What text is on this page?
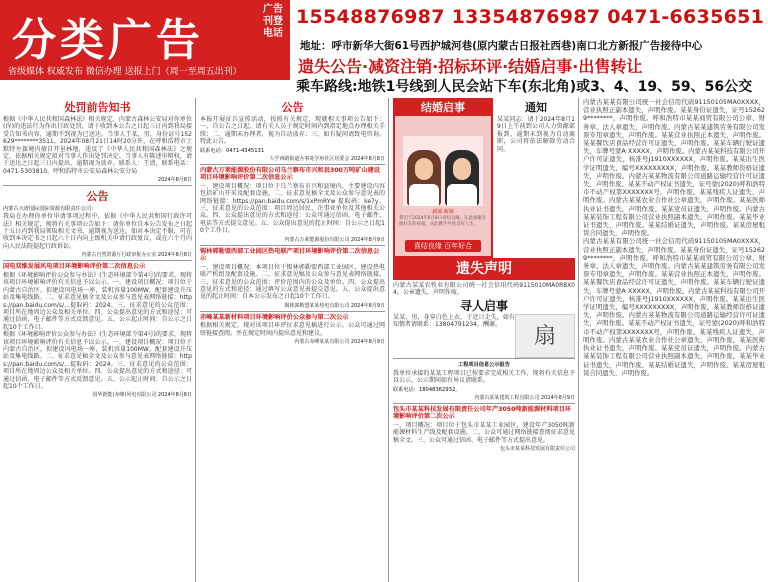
分类广告
广告刊登电话
省级媒体 权威发布 微信办理 送报上门（周一至周五出刊）
15548876987 13354876987 0471-6635651
地址：呼市新华大街61号西护城河巷(原内蒙古日报社西巷)南口北方新报广告接待中心
遗失公告·减资注销·招标环评·结婚启事·出售转让
乘车路线:地铁1号线到人民会站下车(东北角)或3、4、19、59、56公交
处罚前告知书
根据《中华人民共和国森林法》相关规定，内蒙古森林公安局对你单位(你)的违法行为作出行政处罚，请于收到本公告之日起三日内到我局接受告知书内容，逾期不到视为已送达。当事人王某，男，身份证号152629********3511，2024年08月21日14时20分许，在呼和浩特市土默特左旗境内擅自开垦林地，违反了《中华人民共和国森林法》之规定，依据相关规定拟对当事人作出处罚决定。当事人有陈述申辩权，请于送达之日起三日内提出，逾期视为放弃。联系人：王清，联系电话：0471-5303810。呼和浩特市公安局森林公安分局
2024年8月8日
公告
内蒙古大唐国际国际资源有限责任公司：
我局在办理你单位申请事项过程中，依据《中华人民共和国行政许可法》相关规定，现将有关事项公告如下：请你单位自本公告发布之日起十五日内到我局领取相关文书，逾期视为送达。如对本决定不服，可在收到本决定书之日起六十日内向上级机关申请行政复议，或在六个月内向人民法院提起行政诉讼。
内蒙古自然资源厅行政审批办公室 2024年8月8日
国电双维发展风电项目环境影响评价第二次信息公示
根据《环境影响评价公众参与办法》(生态环境部令第4号)的要求，现将该项目环境影响评价有关信息予以公示。一、建设项目概况：项目位于内蒙古自治区，拟建设风电场一座，装机容量100MW，配套建设升压站及集电线路。二、征求意见稿全文及公众参与意见表网络链接：https://pan.baidu.com/s/...提取码：2024。三、征求意见的公众范围：项目所在地周边公众及相关单位。四、公众提出意见的方式和途径：可通过信函、电子邮件等方式反馈意见。五、公示起止时间：自公示之日起10个工作日。
根据《环境影响评价公众参与办法》(生态环境部令第4号)的要求，现将该项目环境影响评价有关信息予以公示。一、建设项目概况：项目位于内蒙古自治区，拟建设风电场一座，装机容量100MW，配套建设升压站及集电线路。二、征求意见稿全文及公众参与意见表网络链接：https://pan.baidu.com/s/...提取码：2024。三、征求意见的公众范围：项目所在地周边公众及相关单位。四、公众提出意见的方式和途径：可通过信函、电子邮件等方式反馈意见。五、公示起止时间：自公示之日起10个工作日。
国华新能(赤峰)风电有限公司 2024年8月8日
公告
本报开展征兵宣传活动，按照有关规定，现就相关事项公告如下：一、自公告之日起，请有关人员于规定时间内到指定地点办理相关手续；二、逾期未办理者，视为自动放弃；三、如有疑问请致电咨询。特此公告。
联系电话：0471-4345131
大学西路街道办事处学府社区居委会 2024年8月8日
内蒙古万莱能源股份有限公司乌兰察布市兴和县300万吨矿山建设项目环境影响评价第二次信息公示
一、建设项目概况：项目位于乌兰察布市兴和县境内，主要建设内容包括矿山开采及配套设施。二、征求意见稿全文及公众参与意见表的网络链接：https://pan.baidu.com/s/1xPmRYw 提取码：ke7y。三、征求意见的公众范围：项目周边居民、企事业单位及其他相关公众。四、公众提出意见的方式和途径：公众可通过信函、电子邮件、电话等方式提交意见。五、公众提出意见的起止时间：自公示之日起10个工作日。
内蒙古万莱能源股份有限公司 2024年8月9日
锡林郭勒盟西部工业园区热电联产项目环境影响评价第二次信息公示
一、建设项目概况：本项目位于锡林郭勒盟西部工业园区，建设热电联产机组及配套设施。二、征求意见稿及公众参与意见表网络链接。三、征求意见的公众范围：评价范围内的公众及单位。四、公众提出意见的方式和途径：通过填写公众意见表提交意见。五、公众提出意见的起止时间：自本公示发布之日起10个工作日。
锡林郭勒盟某某热电有限公司 2024年8月9日
赤峰某某新材料项目环境影响评价公众参与第二次公示
根据相关规定，现对该项目环评征求意见稿进行公示，公众可通过网络链接查阅，并在规定时间内提出意见和建议。
内蒙古赤峰某某有限公司 2024年8月9日
结婚启事
新郎·新娘
我们于2024年8月8日喜结良缘，在此感谢亲朋好友的祝福，从此携手共度美好人生。
喜结良缘 百年好合
通知
某某同志：请于2024年8月19日上午前到公司人力资源部报到，逾期未到视为自动离职，公司将依法解除劳动合同。
遗失声明
内蒙古某某农牧业有限公司统一社会信用代码9115010MA0R8X04，公章遗失，声明作废。
寻人启事
扇
某某，男，身穿白色上衣，于近日走失，如有知情者请联系：13804791234，酬谢。
工程项目信息公示报告
我单位承接的某某工程项目已按要求完成相关工作，现将有关信息予以公示，公示期间如有异议请联系。
联系电话：18048362932。
内蒙古某某建筑工程有限公司 2024年8月9日
包头市某某科技发展有限责任公司年产3050吨新能源材料项目环境影响评价第二次公示
一、项目概况：项目位于包头市某某工业园区，建设年产3050吨新能源材料生产线及配套设施。二、公众可通过网络链接查阅征求意见稿全文。三、公众可通过信函、电子邮件等方式提出意见。
包头市某某科技发展有限责任公司
内蒙古某某有限公司统一社会信用代码91150105MA0XXXX，营业执照正副本遗失，声明作废。某某身份证遗失，证号152629********，声明作废。呼和浩特市某某商贸有限公司公章、财务章、法人章遗失，声明作废。内蒙古某某建筑劳务有限公司发票专用章遗失，声明作废。某某营业执照正本遗失，声明作废。某某餐饮店食品经营许可证遗失，声明作废。某某车辆行驶证遗失，车牌号蒙A·XXXXX，声明作废。内蒙古某某科技有限公司开户许可证遗失，核准号J1910XXXXXX，声明作废。某某出生医学证明遗失，编号XXXXXXXXX，声明作废。某某教师资格证遗失，声明作废。内蒙古某某物流有限公司道路运输经营许可证遗失，声明作废。某某不动产权证书遗失，证号蒙(2020)呼和浩特市不动产权第XXXXXXX号，声明作废。某某残疾人证遗失，声明作废。内蒙古某某农业合作社公章遗失，声明作废。某某医师执业证书遗失，声明作废。某某党员证遗失，声明作废。内蒙古某某装饰工程有限公司营业执照副本遗失，声明作废。某某毕业证书遗失，声明作废。某某结婚证遗失，声明作废。某某房屋租赁合同遗失，声明作废。
内蒙古某某有限公司统一社会信用代码91150105MA0XXXX，营业执照正副本遗失，声明作废。某某身份证遗失，证号152629********，声明作废。呼和浩特市某某商贸有限公司公章、财务章、法人章遗失，声明作废。内蒙古某某建筑劳务有限公司发票专用章遗失，声明作废。某某营业执照正本遗失，声明作废。某某餐饮店食品经营许可证遗失，声明作废。某某车辆行驶证遗失，车牌号蒙A·XXXXX，声明作废。内蒙古某某科技有限公司开户许可证遗失，核准号J1910XXXXXX，声明作废。某某出生医学证明遗失，编号XXXXXXXXX，声明作废。某某教师资格证遗失，声明作废。内蒙古某某物流有限公司道路运输经营许可证遗失，声明作废。某某不动产权证书遗失，证号蒙(2020)呼和浩特市不动产权第XXXXXXX号，声明作废。某某残疾人证遗失，声明作废。内蒙古某某农业合作社公章遗失，声明作废。某某医师执业证书遗失，声明作废。某某党员证遗失，声明作废。内蒙古某某装饰工程有限公司营业执照副本遗失，声明作废。某某毕业证书遗失，声明作废。某某结婚证遗失，声明作废。某某房屋租赁合同遗失，声明作废。
